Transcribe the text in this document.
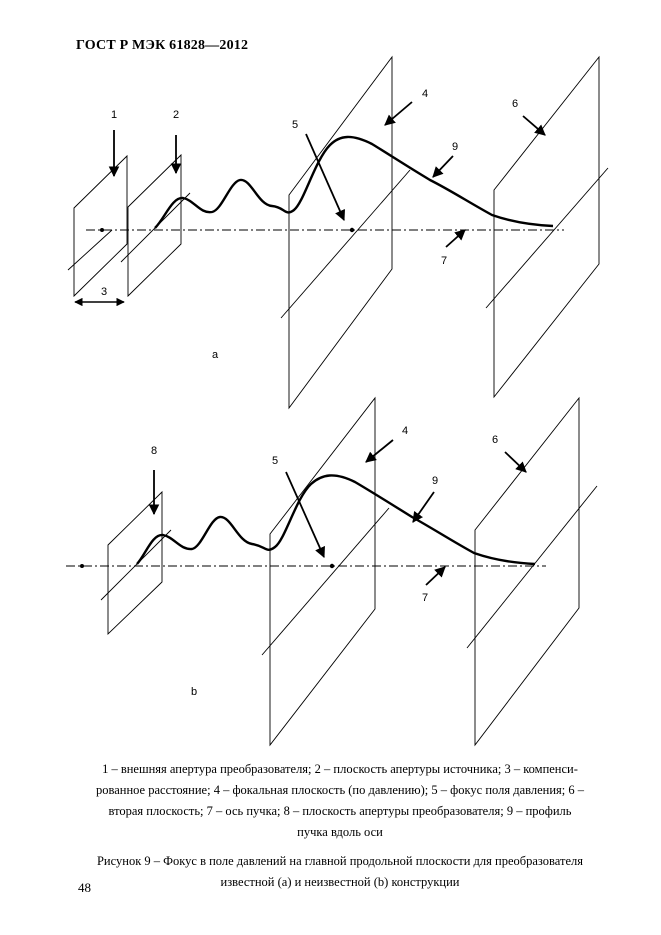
ГОСТ Р МЭК 61828—2012
1	2
3
4
5
6
7
9
a
4
5
6
7
8
9
b
1 – внешняя апертура преобразователя; 2 – плоскость апертуры источника; 3 – компенси-
рованное расстояние; 4 – фокальная плоскость (по давлению); 5 – фокус поля давления; 6 –
вторая плоскость; 7 – ось пучка; 8 – плоскость апертуры преобразователя; 9 – профиль
пучка вдоль оси
Рисунок 9 – Фокус в поле давлений на главной продольной плоскости для преобразователя
известной (a) и неизвестной (b) конструкции
48
